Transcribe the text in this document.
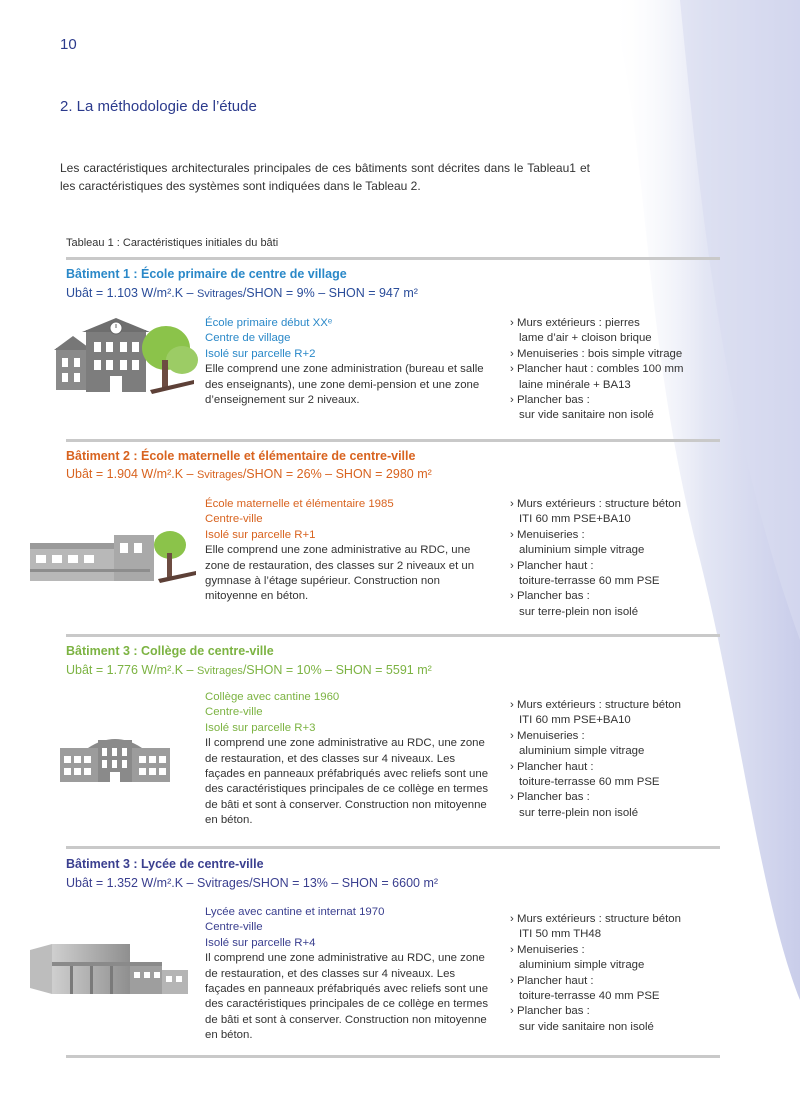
10
2. La méthodologie de l’étude

Les caractéristiques architecturales principales de ces bâtiments sont décrites dans le Tableau1 et les caractéristiques des systèmes sont indiquées dans le Tableau 2.

Tableau 1 : Caractéristiques initiales du bâti
Bâtiment 1 : École primaire de centre de village
Ubât = 1.103 W/m².K – Svitrages/SHON = 9% – SHON = 947 m²
École primaire début XXᵉ
Centre de village
Isolé sur parcelle R+2
Elle comprend une zone administration (bureau et salle des enseignants), une zone demi-pension et une zone d’enseignement sur 2 niveaux.
› Murs extérieurs : pierres
lame d’air + cloison brique
› Menuiseries : bois simple vitrage
› Plancher haut : combles 100 mm
laine minérale + BA13
› Plancher bas :
sur vide sanitaire non isolé
Bâtiment 2 : École maternelle et élémentaire de centre-ville
Ubât = 1.904 W/m².K – Svitrages/SHON = 26% – SHON = 2980 m²
École maternelle et élémentaire 1985
Centre-ville
Isolé sur parcelle R+1
Elle comprend une zone administrative au RDC, une zone de restauration, des classes sur 2 niveaux et un gymnase à l’étage supérieur. Construction non mitoyenne en béton.
› Murs extérieurs : structure béton
ITI 60 mm PSE+BA10
› Menuiseries :
aluminium simple vitrage
› Plancher haut :
toiture-terrasse 60 mm PSE
› Plancher bas :
sur terre-plein non isolé
Bâtiment 3 : Collège de centre-ville
Ubât = 1.776 W/m².K – Svitrages/SHON = 10% – SHON = 5591 m²
Collège avec cantine 1960
Centre-ville
Isolé sur parcelle R+3
Il comprend une zone administrative au RDC, une zone de restauration, et des classes sur 4 niveaux. Les façades en panneaux préfabriqués avec reliefs sont une des caractéristiques principales de ce collège en termes de bâti et sont à conserver. Construction non mitoyenne en béton.
› Murs extérieurs : structure béton
ITI 60 mm PSE+BA10
› Menuiseries :
aluminium simple vitrage
› Plancher haut :
toiture-terrasse 60 mm PSE
› Plancher bas :
sur terre-plein non isolé
Bâtiment 3 : Lycée de centre-ville
Ubât = 1.352 W/m².K – Svitrages/SHON = 13% – SHON = 6600 m²
Lycée avec cantine et internat 1970
Centre-ville
Isolé sur parcelle R+4
Il comprend une zone administrative au RDC, une zone de restauration, et des classes sur 4 niveaux. Les façades en panneaux préfabriqués avec reliefs sont une des caractéristiques principales de ce collège en termes de bâti et sont à conserver. Construction non mitoyenne en béton.
› Murs extérieurs : structure béton
ITI 50 mm TH48
› Menuiseries :
aluminium simple vitrage
› Plancher haut :
toiture-terrasse 40 mm PSE
› Plancher bas :
sur vide sanitaire non isolé
